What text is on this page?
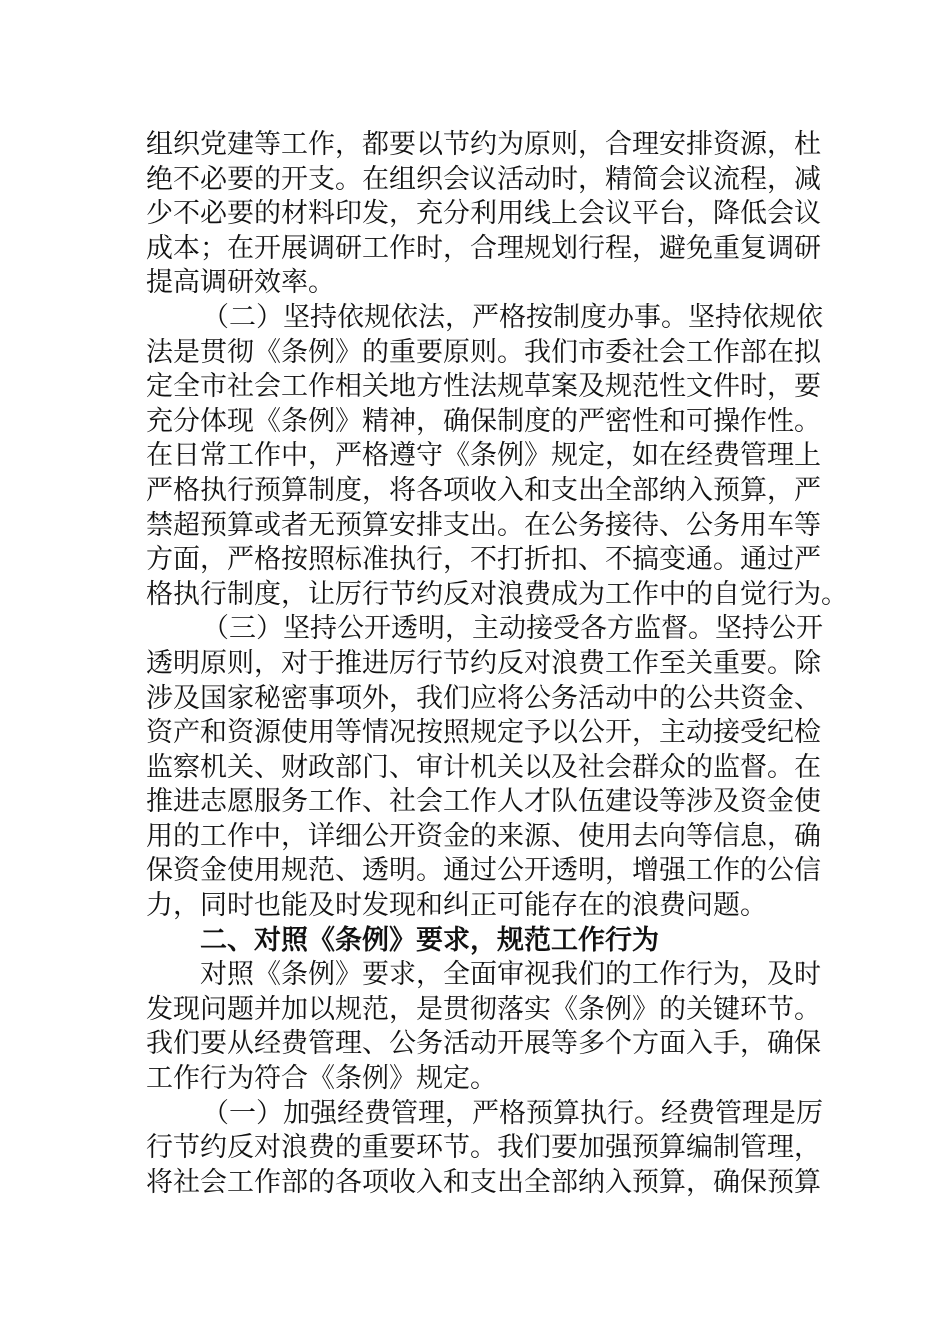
组织党建等工作，都要以节约为原则，合理安排资源，杜
绝不必要的开支。在组织会议活动时，精简会议流程，减
少不必要的材料印发，充分利用线上会议平台，降低会议
成本；在开展调研工作时，合理规划行程，避免重复调研
提高调研效率。
（二）坚持依规依法，严格按制度办事。坚持依规依
法是贯彻《条例》的重要原则。我们市委社会工作部在拟
定全市社会工作相关地方性法规草案及规范性文件时，要
充分体现《条例》精神，确保制度的严密性和可操作性。
在日常工作中，严格遵守《条例》规定，如在经费管理上
严格执行预算制度，将各项收入和支出全部纳入预算，严
禁超预算或者无预算安排支出。在公务接待、公务用车等
方面，严格按照标准执行，不打折扣、不搞变通。通过严
格执行制度，让厉行节约反对浪费成为工作中的自觉行为。
（三）坚持公开透明，主动接受各方监督。坚持公开
透明原则，对于推进厉行节约反对浪费工作至关重要。除
涉及国家秘密事项外，我们应将公务活动中的公共资金、
资产和资源使用等情况按照规定予以公开，主动接受纪检
监察机关、财政部门、审计机关以及社会群众的监督。在
推进志愿服务工作、社会工作人才队伍建设等涉及资金使
用的工作中，详细公开资金的来源、使用去向等信息，确
保资金使用规范、透明。通过公开透明，增强工作的公信
力，同时也能及时发现和纠正可能存在的浪费问题。
二、对照《条例》要求，规范工作行为
对照《条例》要求，全面审视我们的工作行为，及时
发现问题并加以规范，是贯彻落实《条例》的关键环节。
我们要从经费管理、公务活动开展等多个方面入手，确保
工作行为符合《条例》规定。
（一）加强经费管理，严格预算执行。经费管理是厉
行节约反对浪费的重要环节。我们要加强预算编制管理，
将社会工作部的各项收入和支出全部纳入预算，确保预算
